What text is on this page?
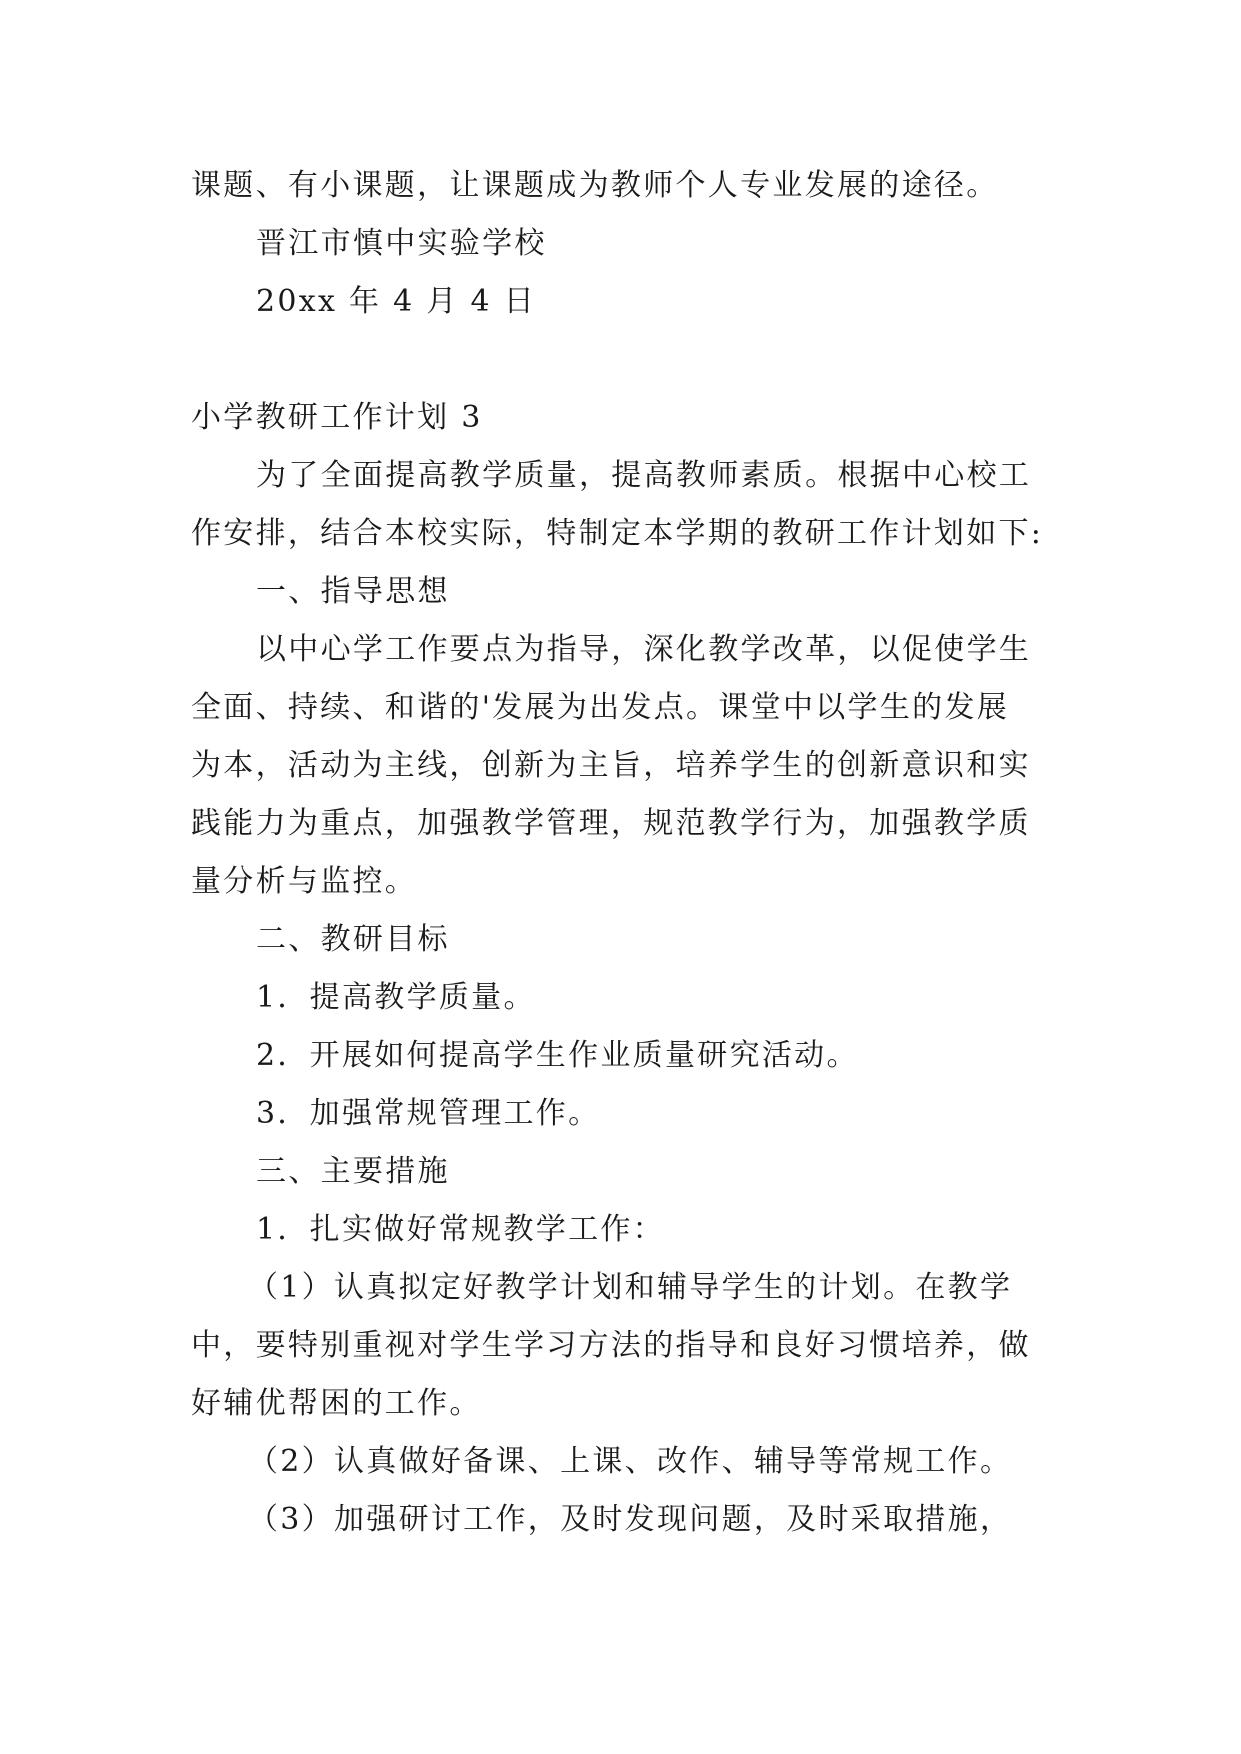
课题、有小课题，让课题成为教师个人专业发展的途径。
晋江市慎中实验学校
20xx 年 4 月 4 日
小学教研工作计划 3
为了全面提高教学质量，提高教师素质。根据中心校工
作安排，结合本校实际，特制定本学期的教研工作计划如下:
一、指导思想
以中心学工作要点为指导，深化教学改革，以促使学生
全面、持续、和谐的'发展为出发点。课堂中以学生的发展
为本，活动为主线，创新为主旨，培养学生的创新意识和实
践能力为重点，加强教学管理，规范教学行为，加强教学质
量分析与监控。
二、教研目标
1．提高教学质量。
2．开展如何提高学生作业质量研究活动。
3．加强常规管理工作。
三、主要措施
1．扎实做好常规教学工作：
（1）认真拟定好教学计划和辅导学生的计划。在教学
中，要特别重视对学生学习方法的指导和良好习惯培养，做
好辅优帮困的工作。
（2）认真做好备课、上课、改作、辅导等常规工作。
（3）加强研讨工作，及时发现问题，及时采取措施，
